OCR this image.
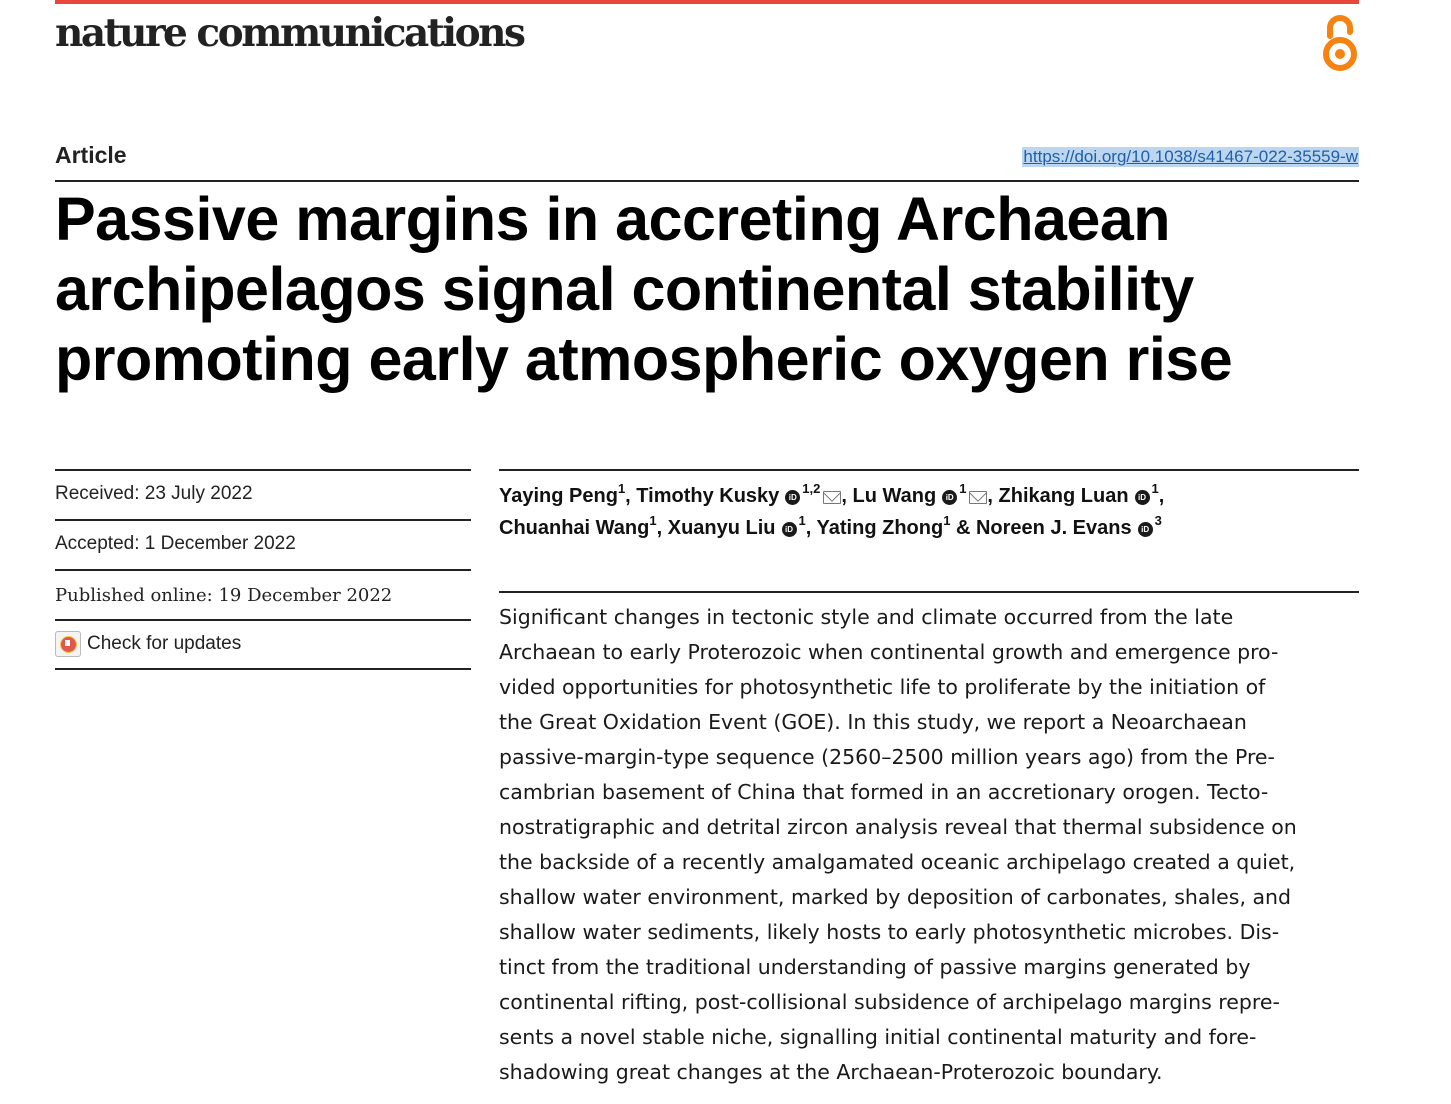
nature communications
Article	https://doi.org/10.1038/s41467-022-35559-w
Passive margins in accreting Archaean
archipelagos signal continental stability
promoting early atmospheric oxygen rise
Received: 23 July 2022
Accepted: 1 December 2022
Published online: 19 December 2022
Check for updates
Yaying Peng$^1$, Timothy Kusky iD$^{1,2}$ , Lu Wang $iD^1$ , Zhikang Luan $iD^1$,
Chuanhai Wang$^1$, Xuanyu Liu $iD^1$, Yating Zhong$^1$ & Noreen J. Evans $iD^3$
Significant changes in tectonic style and climate occurred from the late
Archaean to early Proterozoic when continental growth and emergence pro-
vided opportunities for photosynthetic life to proliferate by the initiation of
the Great Oxidation Event (GOE). In this study, we report a Neoarchaean
passive-margin-type sequence (2560–2500 million years ago) from the Pre-
cambrian basement of China that formed in an accretionary orogen. Tecto-
nostratigraphic and detrital zircon analysis reveal that thermal subsidence on
the backside of a recently amalgamated oceanic archipelago created a quiet,
shallow water environment, marked by deposition of carbonates, shales, and
shallow water sediments, likely hosts to early photosynthetic microbes. Dis-
tinct from the traditional understanding of passive margins generated by
continental rifting, post-collisional subsidence of archipelago margins repre-
sents a novel stable niche, signalling initial continental maturity and fore-
shadowing great changes at the Archaean-Proterozoic boundary.
